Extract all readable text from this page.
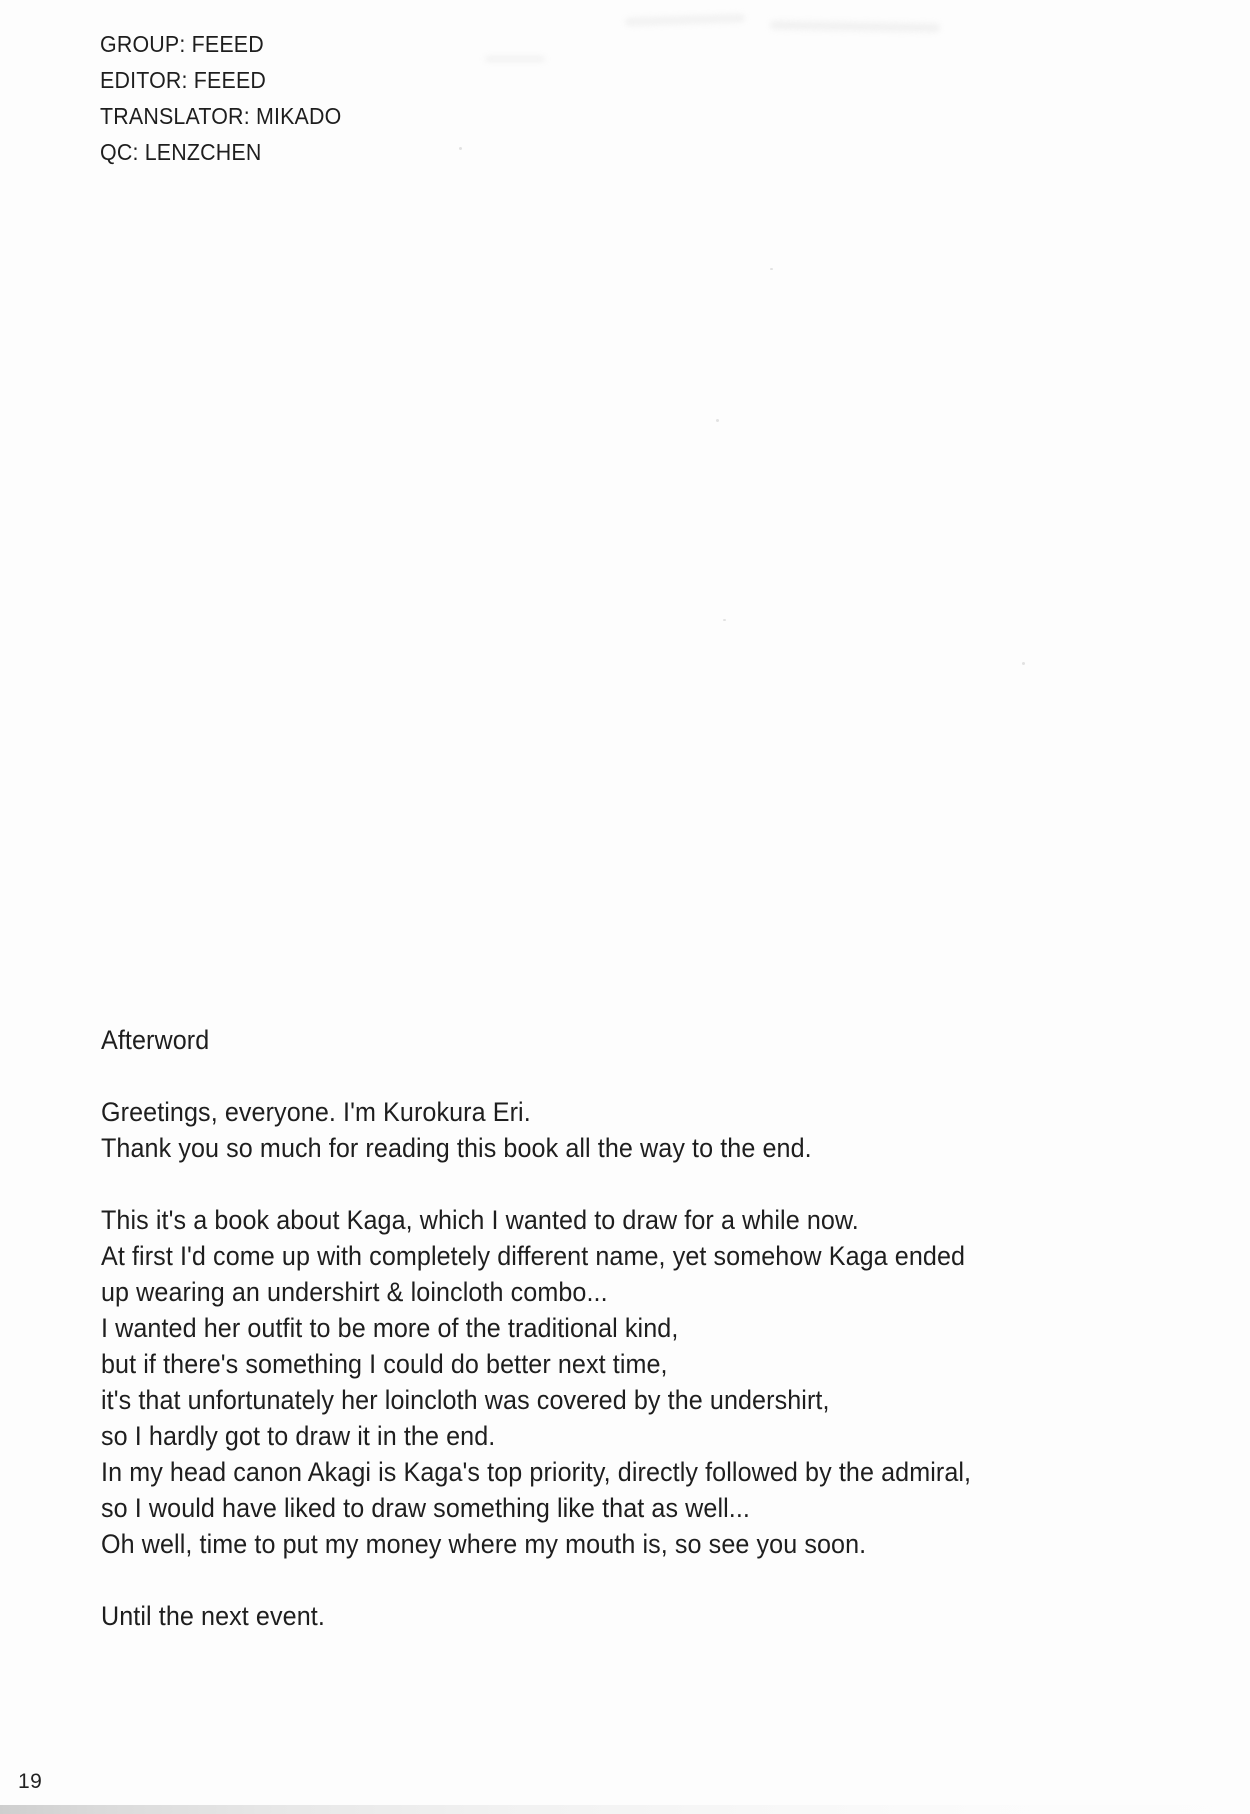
GROUP: FEEED
EDITOR: FEEED
TRANSLATOR: MIKADO
QC: LENZCHEN
Afterword
Greetings, everyone. I'm Kurokura Eri.
Thank you so much for reading this book all the way to the end.
This it's a book about Kaga, which I wanted to draw for a while now.
At first I'd come up with completely different name, yet somehow Kaga ended
up wearing an undershirt & loincloth combo...
I wanted her outfit to be more of the traditional kind,
but if there's something I could do better next time,
it's that unfortunately her loincloth was covered by the undershirt,
so I hardly got to draw it in the end.
In my head canon Akagi is Kaga's top priority, directly followed by the admiral,
so I would have liked to draw something like that as well...
Oh well, time to put my money where my mouth is, so see you soon.
Until the next event.
19
